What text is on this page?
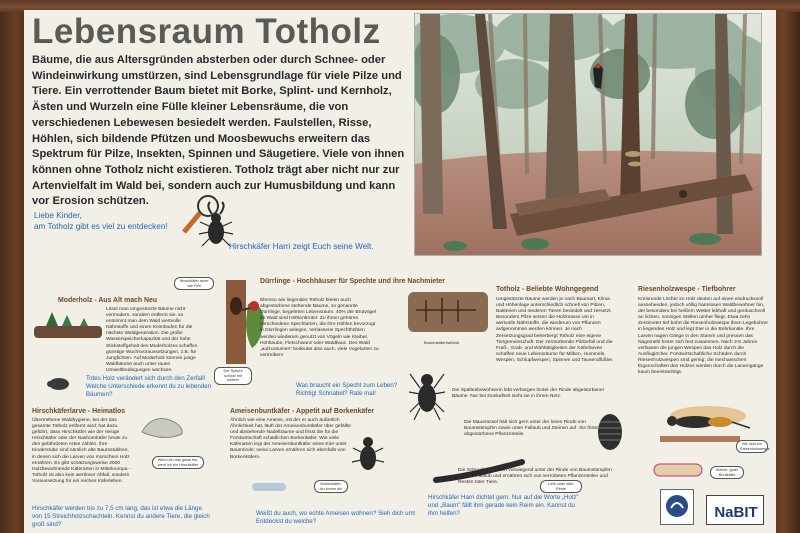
Lebensraum Totholz
Bäume, die aus Altersgründen absterben oder durch Schnee- oder Windeinwirkung umstürzen, sind Lebensgrundlage für viele Pilze und Tiere. Ein verrottender Baum bietet mit Borke, Splint- und Kernholz, Ästen und Wurzeln eine Fülle kleiner Lebensräume, die von verschiedenen Lebewesen besiedelt werden. Faulstellen, Risse, Höhlen, sich bildende Pfützen und Moosbewuchs erweitern das Spektrum für Pilze, Insekten, Spinnen und Säugetiere. Viele von ihnen können ohne Totholz nicht existieren. Totholz trägt aber nicht nur zur Artenvielfalt im Wald bei, sondern auch zur Humusbildung und kann vor Erosion schützen.
Liebe Kinder,
am Totholz gibt es viel zu entdecken!
Hirschkäfer Harri zeigt Euch seine Welt.
Moderholz - Aus Alt mach Neu
Lässt man umgestürzte Bäume nicht vermodern, sondern entfernt sie, so entnimmt man dem Wald wertvolle Nährstoffe und einen Keimboden für die nächste Waldgeneration. Die große Wasserspeicherkapazität und der hohe Stickstoffgehalt des Moderholzes schaffen günstige Wuchsvoraussetzungen, z.B. für Jungfichten. Auf Moderholz können junge Waldbäume auch unter rauen Umweltbedingungen wachsen.
Totes Holz verändert sich durch den Zerfall! Welche Unterschiede erkennt du zu lebenden Bäumen?
Hirschkäfer reimt wie Fett
Der Specht schickt mit weitem
Dürrlinge - Hochhäuser für Spechte und ihre Nachmieter
Ebenso wie liegendes Totholz bieten auch abgestorbene stehende Bäume, so genannte Dürrlinge, begehrten Lebensraum. 40% der Brutvögel im Wald sind Höhlenbrüter. Zu ihnen gehören verschiedene Spechtarten, die ihre Höhlen bevorzugt in Dürrlingen anlegen. Verlassene Spechthöhlen werden wiederum genutzt von Vögeln wie Kleiber, Hohltaube, Fletschwanz oder Waldkauz. Des Wald „aufzuräumen" bedeutet also auch, viele Vogelarten zu vertreiben!
Was braucht ein Specht zum Leben? Richtig! Schnabel? Rate mal!
Borkenkäferfraßbild
Totholz - Beliebte Wohngegend
Umgestürzte Bäume werden je nach Baumart, Klima und Höhenlage unterschiedlich schnell von Pilzen, Bakterien und niederen Tieren besiedelt und zersetzt. Besonders Pilze setzen die Holzmasse um in wertvolle Nährstoffe, die wiederum von Pflanzen aufgenommen werden können. Je nach Zersetzungsgrad beherbergt Totholz eine eigene Tiergemeinschaft. Der zermürbende Pilzbefall und die Fraß-, Grab- und Wühltätigkeiten der Käferlarven schaffen neue Lebensräume für Milben, Hummeln, Wespen, Schlupfwespen, Spinnen und Tausendfüßler.
Riesenholzwespe - Tiefbohrer
Kreisrunde Löcher im Holz deuten auf einen eindrucksvoll aussehenden, jedoch völlig harmlosen Waldbewohner hin, der besonders bei heißem Wetter lebhaft und gerduschvoll an lichten, sonnigen Stellen umher fliegt. Etwa zehn Zentimeter tief bohrt die Riesenholzwespe ihren Legebohrer in liegendes Holz und legt Eier in die Bohrkanäle. Ihre Larven nagen Gänge in den Stamm und pressen das Nagemehl hinter sich fest zusammen. Nach 3-5 Jahren verlassen die jungen Wespen das Holz durch die Ausfluglöcher. Forstwirtschaftliche Schäden durch Riesenholzwespen sind gering; die mechanischen Eigenschaften des Holzes werden durch die Larvengänge kaum beeinträchtigt.
Wir sind ein Riesenholzwespe
Hirschkäferlarve - Heimatlos
Übertriebene Waldhygiene, bei der das gesamte Totholz entfernt wird, hat dazu geführt, dass Hirschkäfer wie der riesige Hirschkäfer oder der Nashornkäfer heute zu den gefährdeten Arten zählen. Ihre Kinderstube sind nämlich alte Baumstubben, in denen sich die Larven von morschem Holz ernähren. Es gibt schätzungsweise 2000 Holzbewohnende Käferarten in Mitteleuropa - Totholz ist also kein wertloser Abfall, sondern Voraussetzung für ein reiches Käferleben.
Wenn ich mal gross bin, werd ich ein Hirschkäfer
Hirschkäfer werden bis zu 7,5 cm lang, das ist etwa die Länge von 15 Streichholzschachteln. Kennst du andere Tiere, die gleich groß sind?
Ameisenbuntkäfer - Appetit auf Borkenkäfer
Ähnlich wie eine Ameise, mit der er auch äußerlich Ähnlichkeit hat, läuft der Ameisenbuntkäfer über gefällte und abstehende Nadelbäume und frisst die für die Forstwirtschaft schädlichen Borkenkäfer. Wie viele Käferarten legt der Ameisenbuntkäfer seine Eier unter Baumrinde; seine Larven ernähren sich ebenfalls von Borkenkäfern.
Borkenkäfer, Ich komm dir!
Weißt du auch, wo echte Ameisen wohnen? Sieh dich um! Entdeckst du welche?
Die Spaltenbewohnerin lebt verborgen hinter der Rinde abgestorbener Bäume. Nur bei Dunkelheit sieht sie in ihrem Netz.
Die Mauerassel hält sich gern unter der losen Rinde von Baumstümpfen sowie unter Fallaub und Steinen auf. Sie frisst abgestorbene Pflanzenteile.
Die Schnurfüßer leben vorwiegend unter der Rinde von Baumstümpfen oder im Fallaub und ernähren sich von verrotteten Pflanzenteilen und Resten toter Tiere.	Lebt unter alter Rinde
Hirschkäfer Harri dichtet gern. Nur auf die Worte „Holz" und „Baum" fällt ihm gerade kein Reim ein. Kannst du ihm helfen?
Kleiner, guter Buntkäfer
NaBIT
